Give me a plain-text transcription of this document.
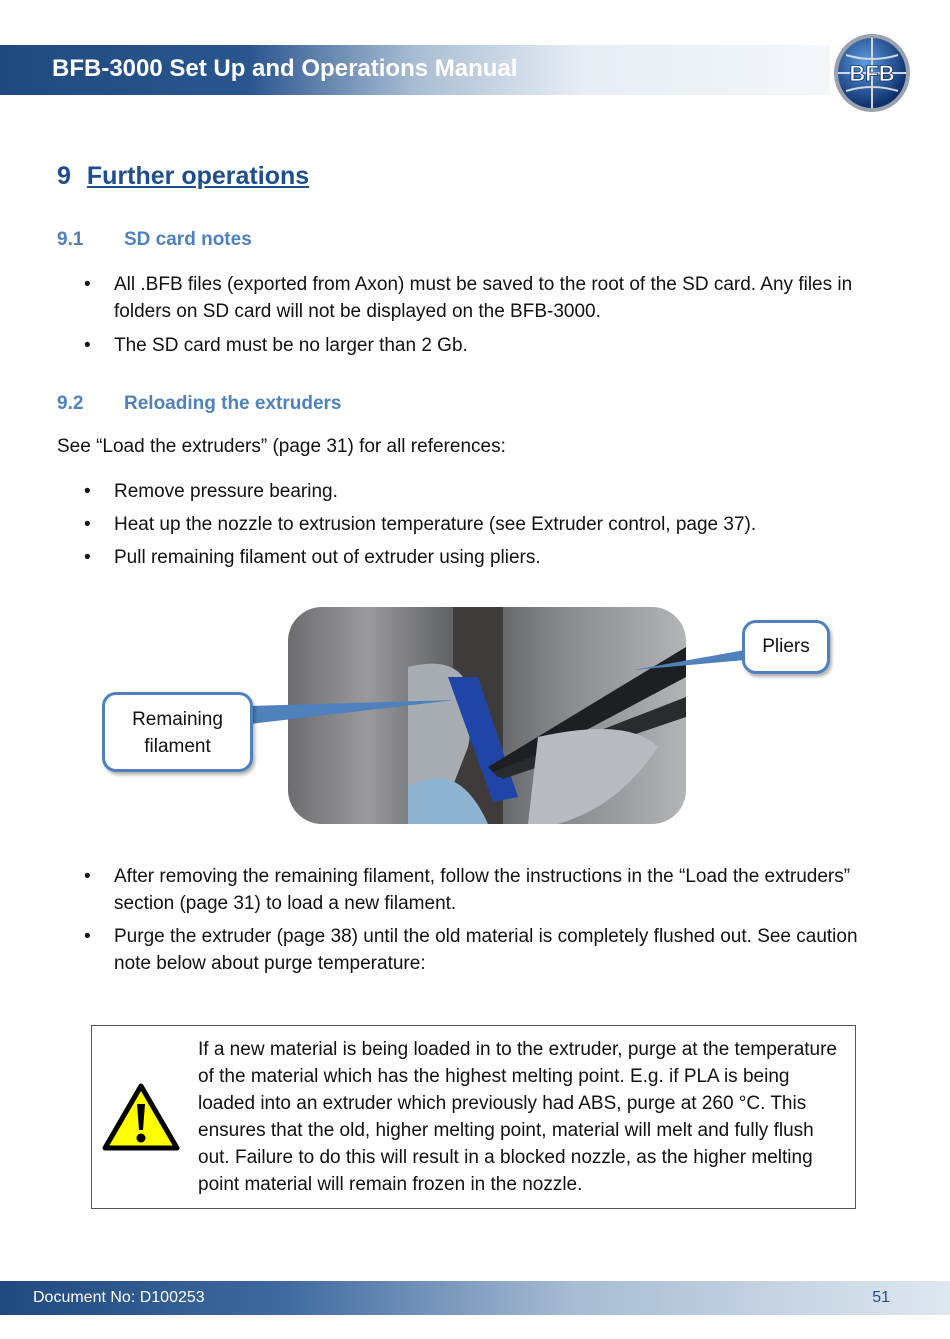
BFB-3000 Set Up and Operations Manual	BFB
9 Further operations
9.1 SD card notes
• All .BFB files (exported from Axon) must be saved to the root of the SD card. Any files in folders on SD card will not be displayed on the BFB-3000.
• The SD card must be no larger than 2 Gb.
9.2 Reloading the extruders
See “Load the extruders” (page 31) for all references:
• Remove pressure bearing.
• Heat up the nozzle to extrusion temperature (see Extruder control, page 37).
• Pull remaining filament out of extruder using pliers.
Pliers
Remaining filament
• After removing the remaining filament, follow the instructions in the “Load the extruders” section (page 31) to load a new filament.
• Purge the extruder (page 38) until the old material is completely flushed out. See caution note below about purge temperature:
If a new material is being loaded in to the extruder, purge at the temperature of the material which has the highest melting point. E.g. if PLA is being loaded into an extruder which previously had ABS, purge at 260 °C. This ensures that the old, higher melting point, material will melt and fully flush out. Failure to do this will result in a blocked nozzle, as the higher melting point material will remain frozen in the nozzle.
Document No: D100253	51
